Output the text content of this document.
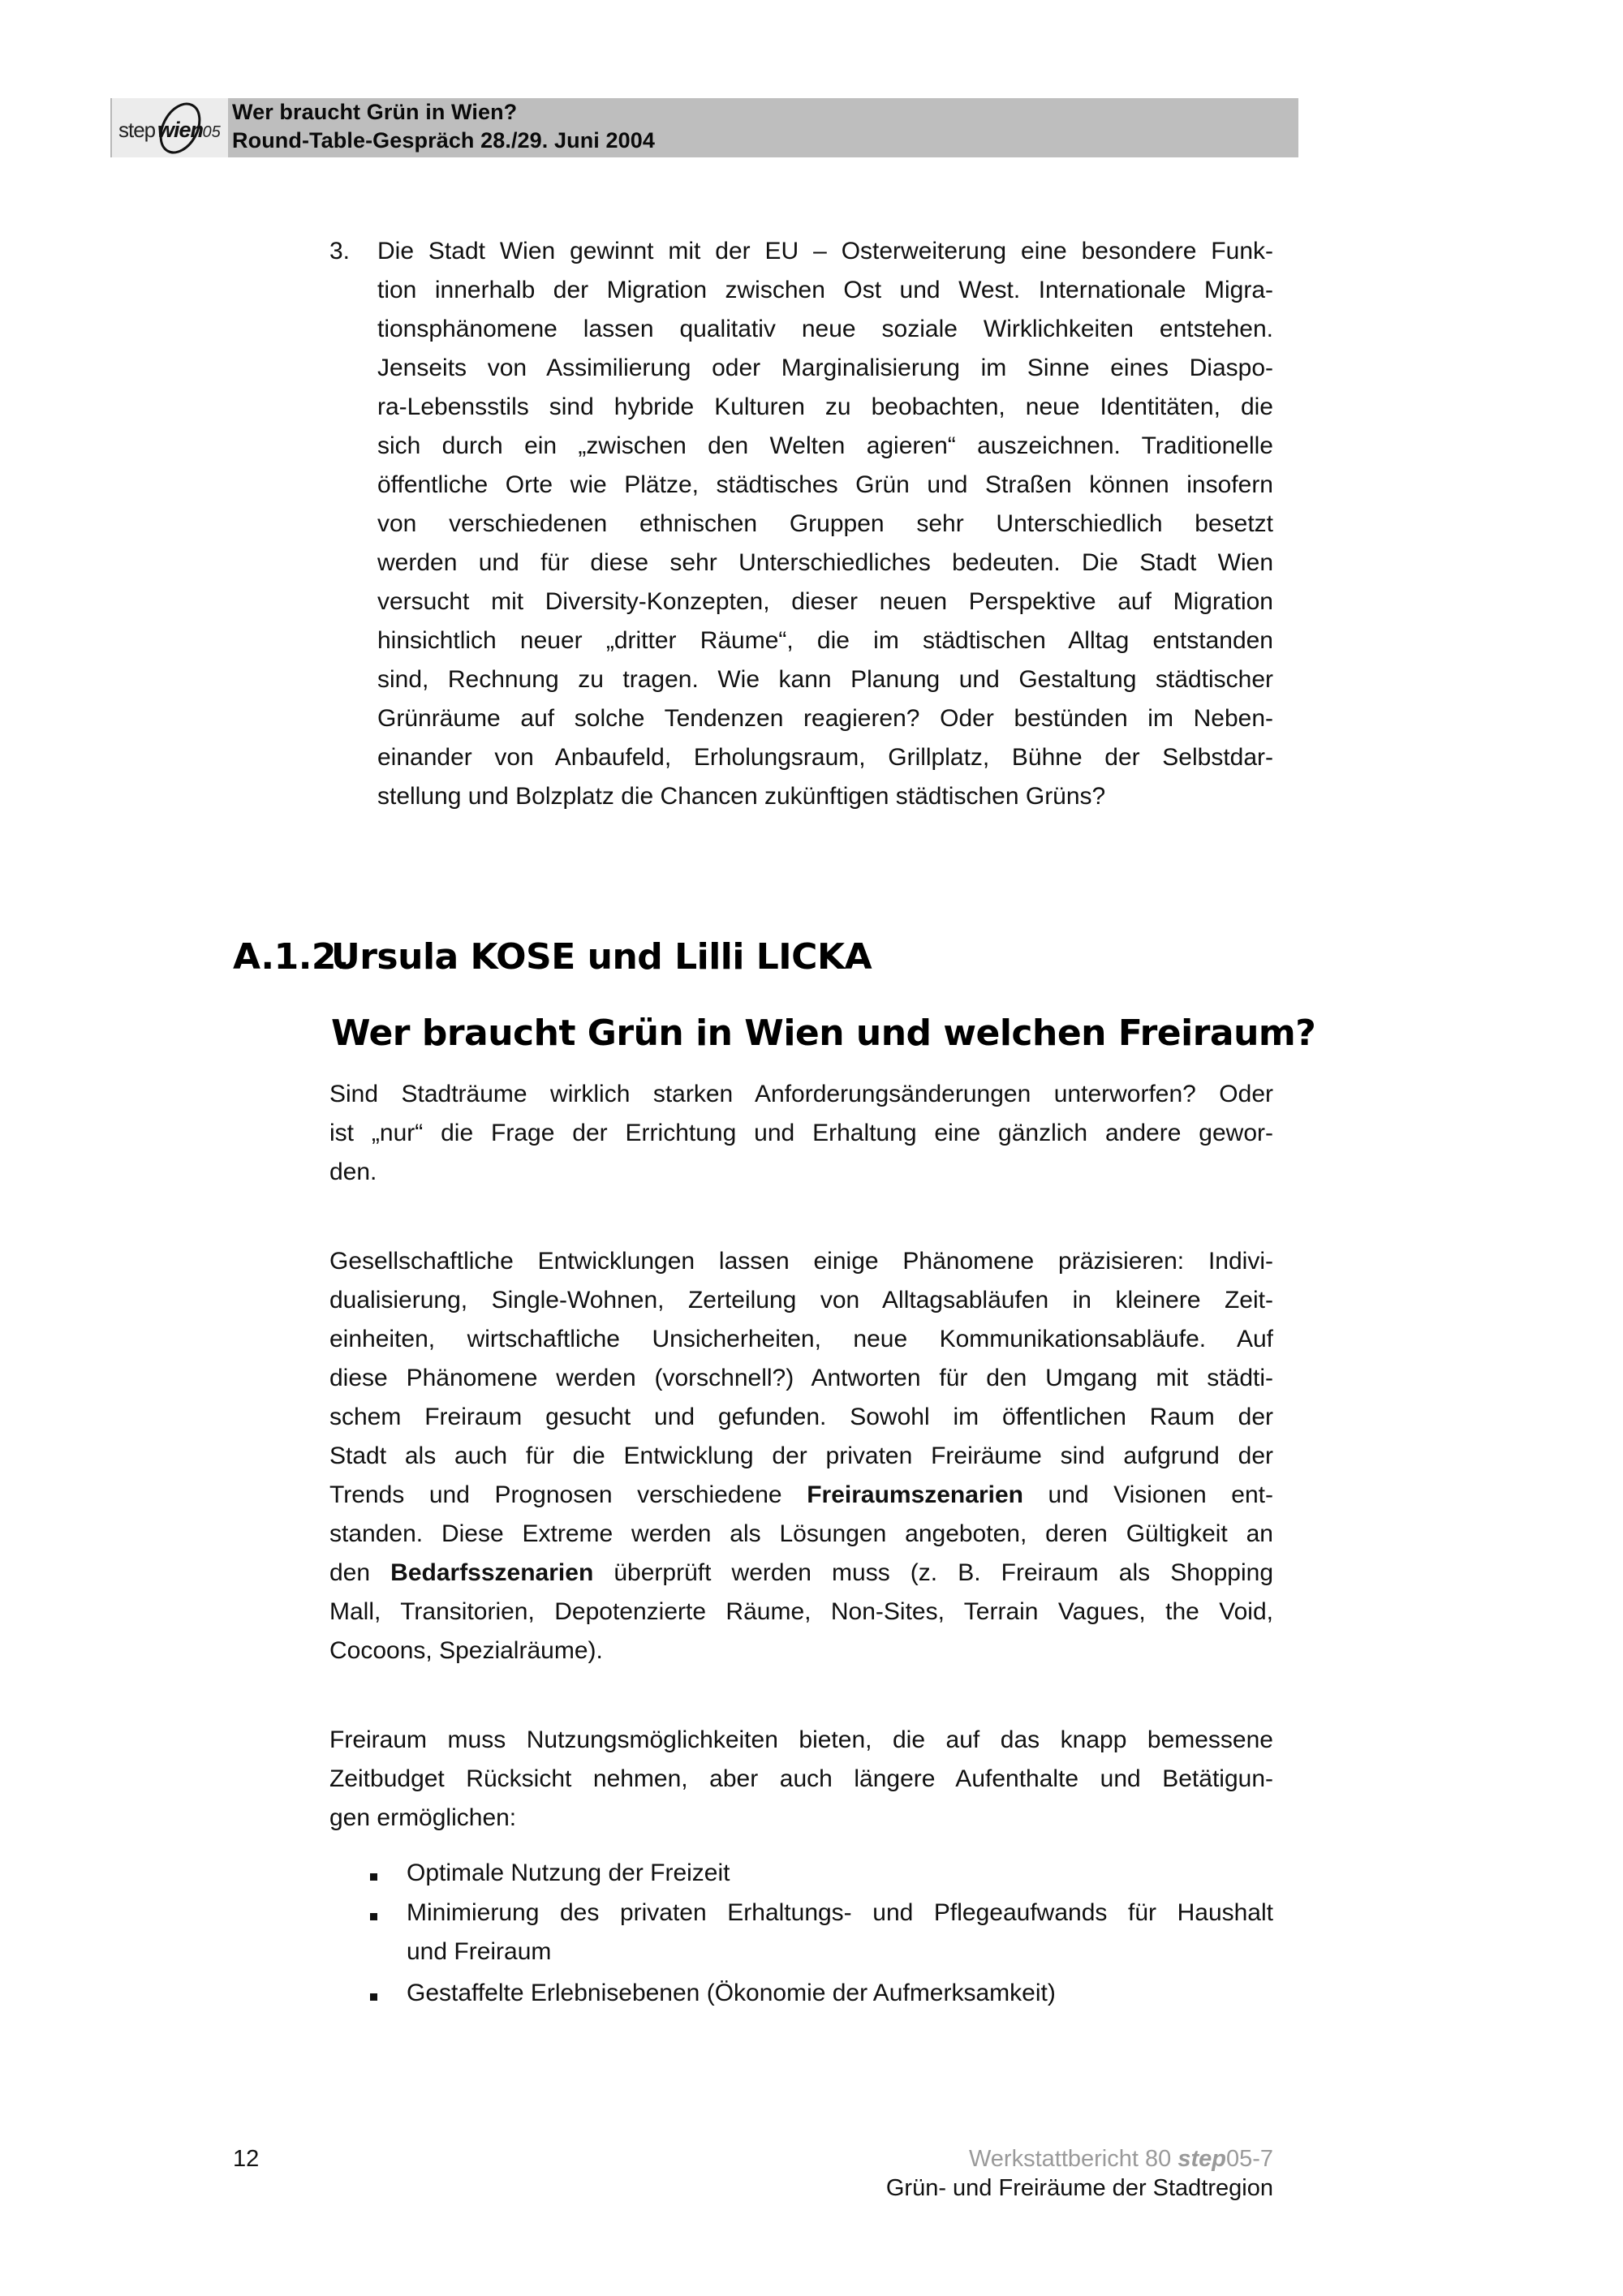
step wien
.05
Wer braucht Grün in Wien?
Round-Table-Gespräch 28./29. Juni 2004
3. Die Stadt Wien gewinnt mit der EU – Osterweiterung eine besondere Funk-
tion innerhalb der Migration zwischen Ost und West. Internationale Migra-
tionsphänomene lassen qualitativ neue soziale Wirklichkeiten entstehen.
Jenseits von Assimilierung oder Marginalisierung im Sinne eines Diaspo-
ra-Lebensstils sind hybride Kulturen zu beobachten, neue Identitäten, die
sich durch ein „zwischen den Welten agieren“ auszeichnen. Traditionelle
öffentliche Orte wie Plätze, städtisches Grün und Straßen können insofern
von verschiedenen ethnischen Gruppen sehr Unterschiedlich besetzt
werden und für diese sehr Unterschiedliches bedeuten. Die Stadt Wien
versucht mit Diversity-Konzepten, dieser neuen Perspektive auf Migration
hinsichtlich neuer „dritter Räume“, die im städtischen Alltag entstanden
sind, Rechnung zu tragen. Wie kann Planung und Gestaltung städtischer
Grünräume auf solche Tendenzen reagieren? Oder bestünden im Neben-
einander von Anbaufeld, Erholungsraum, Grillplatz, Bühne der Selbstdar-
stellung und Bolzplatz die Chancen zukünftigen städtischen Grüns?
A.1.2.
Ursula KOSE und Lilli LICKA
Wer braucht Grün in Wien und welchen Freiraum?
Sind Stadträume wirklich starken Anforderungsänderungen unterworfen? Oder
ist „nur“ die Frage der Errichtung und Erhaltung eine gänzlich andere gewor-
den.
Gesellschaftliche Entwicklungen lassen einige Phänomene präzisieren: Indivi-
dualisierung, Single-Wohnen, Zerteilung von Alltagsabläufen in kleinere Zeit-
einheiten, wirtschaftliche Unsicherheiten, neue Kommunikationsabläufe. Auf
diese Phänomene werden (vorschnell?) Antworten für den Umgang mit städti-
schem Freiraum gesucht und gefunden. Sowohl im öffentlichen Raum der
Stadt als auch für die Entwicklung der privaten Freiräume sind aufgrund der
Trends und Prognosen verschiedene Freiraumszenarien und Visionen ent-
standen. Diese Extreme werden als Lösungen angeboten, deren Gültigkeit an
den Bedarfsszenarien überprüft werden muss (z. B. Freiraum als Shopping
Mall, Transitorien, Depotenzierte Räume, Non-Sites, Terrain Vagues, the Void,
Cocoons, Spezialräume).
Freiraum muss Nutzungsmöglichkeiten bieten, die auf das knapp bemessene
Zeitbudget Rücksicht nehmen, aber auch längere Aufenthalte und Betätigun-
gen ermöglichen:
Optimale Nutzung der Freizeit
Minimierung des privaten Erhaltungs- und Pflegeaufwands für Haushalt
und Freiraum
Gestaffelte Erlebnisebenen (Ökonomie der Aufmerksamkeit)
12	Werkstattbericht 80 step05-7
Grün- und Freiräume der Stadtregion
